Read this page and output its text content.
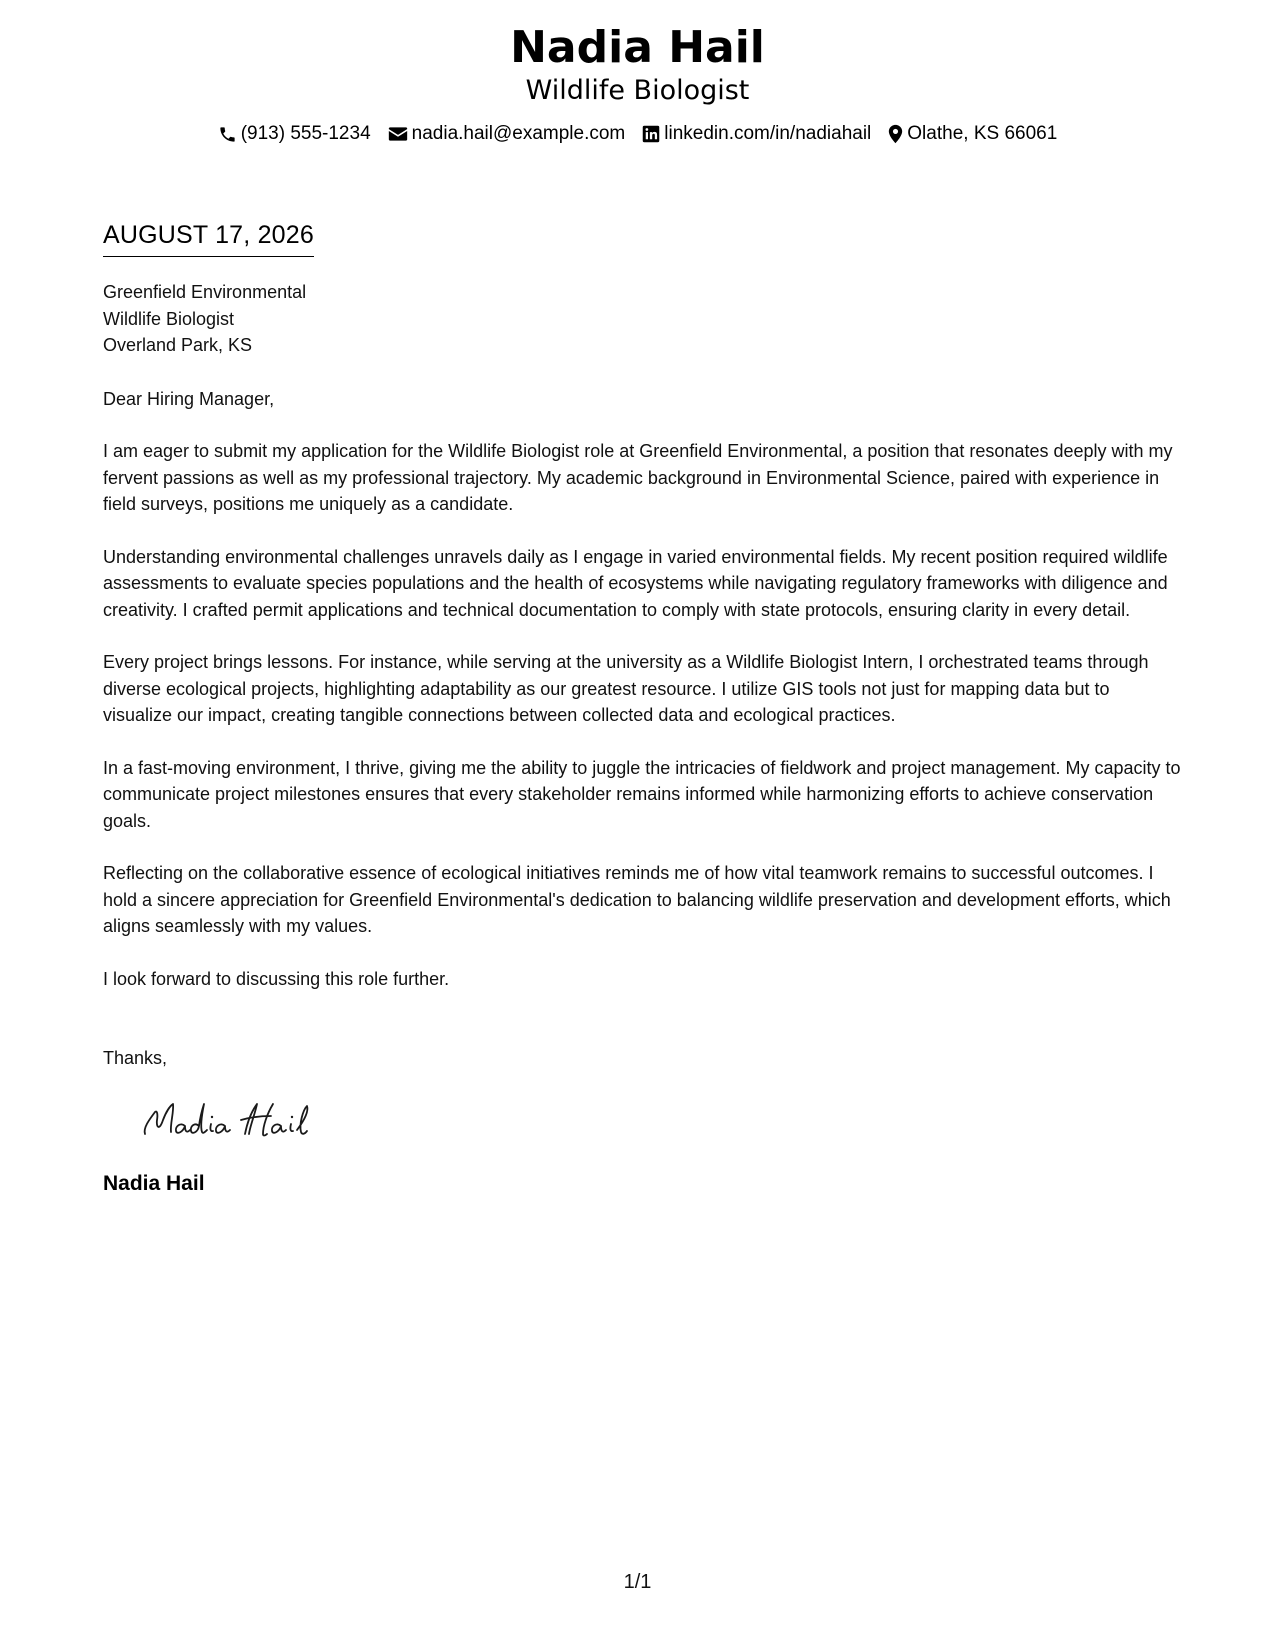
Nadia Hail
Wildlife Biologist
(913) 555-1234 nadia.hail@example.com linkedin.com/in/nadiahail Olathe, KS 66061
AUGUST 17, 2026
Greenfield Environmental
Wildlife Biologist
Overland Park, KS
Dear Hiring Manager,

I am eager to submit my application for the Wildlife Biologist role at Greenfield Environmental, a position that resonates deeply with my fervent passions as well as my professional trajectory. My academic background in Environmental Science, paired with experience in field surveys, positions me uniquely as a candidate.

Understanding environmental challenges unravels daily as I engage in varied environmental fields. My recent position required wildlife assessments to evaluate species populations and the health of ecosystems while navigating regulatory frameworks with diligence and creativity. I crafted permit applications and technical documentation to comply with state protocols, ensuring clarity in every detail.

Every project brings lessons. For instance, while serving at the university as a Wildlife Biologist Intern, I orchestrated teams through diverse ecological projects, highlighting adaptability as our greatest resource. I utilize GIS tools not just for mapping data but to visualize our impact, creating tangible connections between collected data and ecological practices.

In a fast-moving environment, I thrive, giving me the ability to juggle the intricacies of fieldwork and project management. My capacity to communicate project milestones ensures that every stakeholder remains informed while harmonizing efforts to achieve conservation goals.

Reflecting on the collaborative essence of ecological initiatives reminds me of how vital teamwork remains to successful outcomes. I hold a sincere appreciation for Greenfield Environmental's dedication to balancing wildlife preservation and development efforts, which aligns seamlessly with my values.

I look forward to discussing this role further.

Thanks,
Nadia Hail
1/1
